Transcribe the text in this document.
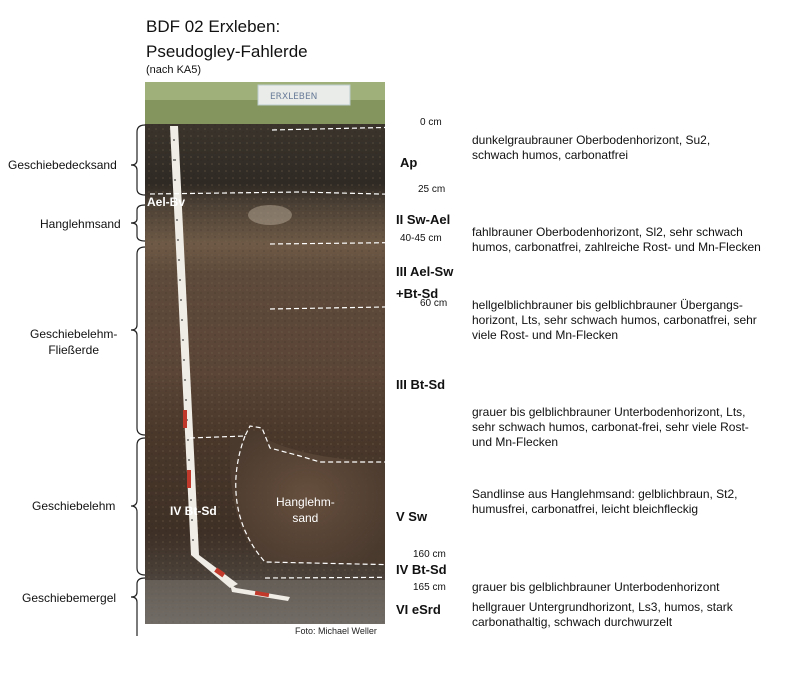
BDF 02 Erxleben:
Pseudogley-Fahlerde
(nach KA5)
ERXLEBEN
Geschiebedecksand
Hanglehmsand
Geschiebelehm-
Fließerde
Geschiebelehm
Geschiebemergel
Ael-Bv
IV Bt-Sd
Hanglehm-
sand
0 cm
25 cm
40-45 cm
60 cm
160 cm
165 cm
Ap
II Sw-Ael
III Ael-Sw
+Bt-Sd
III Bt-Sd
V Sw
IV Bt-Sd
VI eSrd
dunkelgraubrauner Oberbodenhorizont, Su2,
schwach humos, carbonatfrei
fahlbrauner Oberbodenhorizont, Sl2, sehr schwach
humos, carbonatfrei, zahlreiche Rost- und Mn-Flecken
hellgelblichbrauner bis gelblichbrauner Übergangs-
horizont, Lts, sehr schwach humos, carbonatfrei, sehr
viele Rost- und Mn-Flecken
grauer bis gelblichbrauner Unterbodenhorizont, Lts,
sehr schwach humos, carbonat-frei, sehr viele Rost-
und Mn-Flecken
Sandlinse aus Hanglehmsand: gelblichbraun, St2,
humusfrei, carbonatfrei, leicht bleichfleckig
grauer bis gelblichbrauner Unterbodenhorizont
hellgrauer Untergrundhorizont, Ls3, humos, stark
carbonathaltig, schwach durchwurzelt
Foto: Michael Weller
